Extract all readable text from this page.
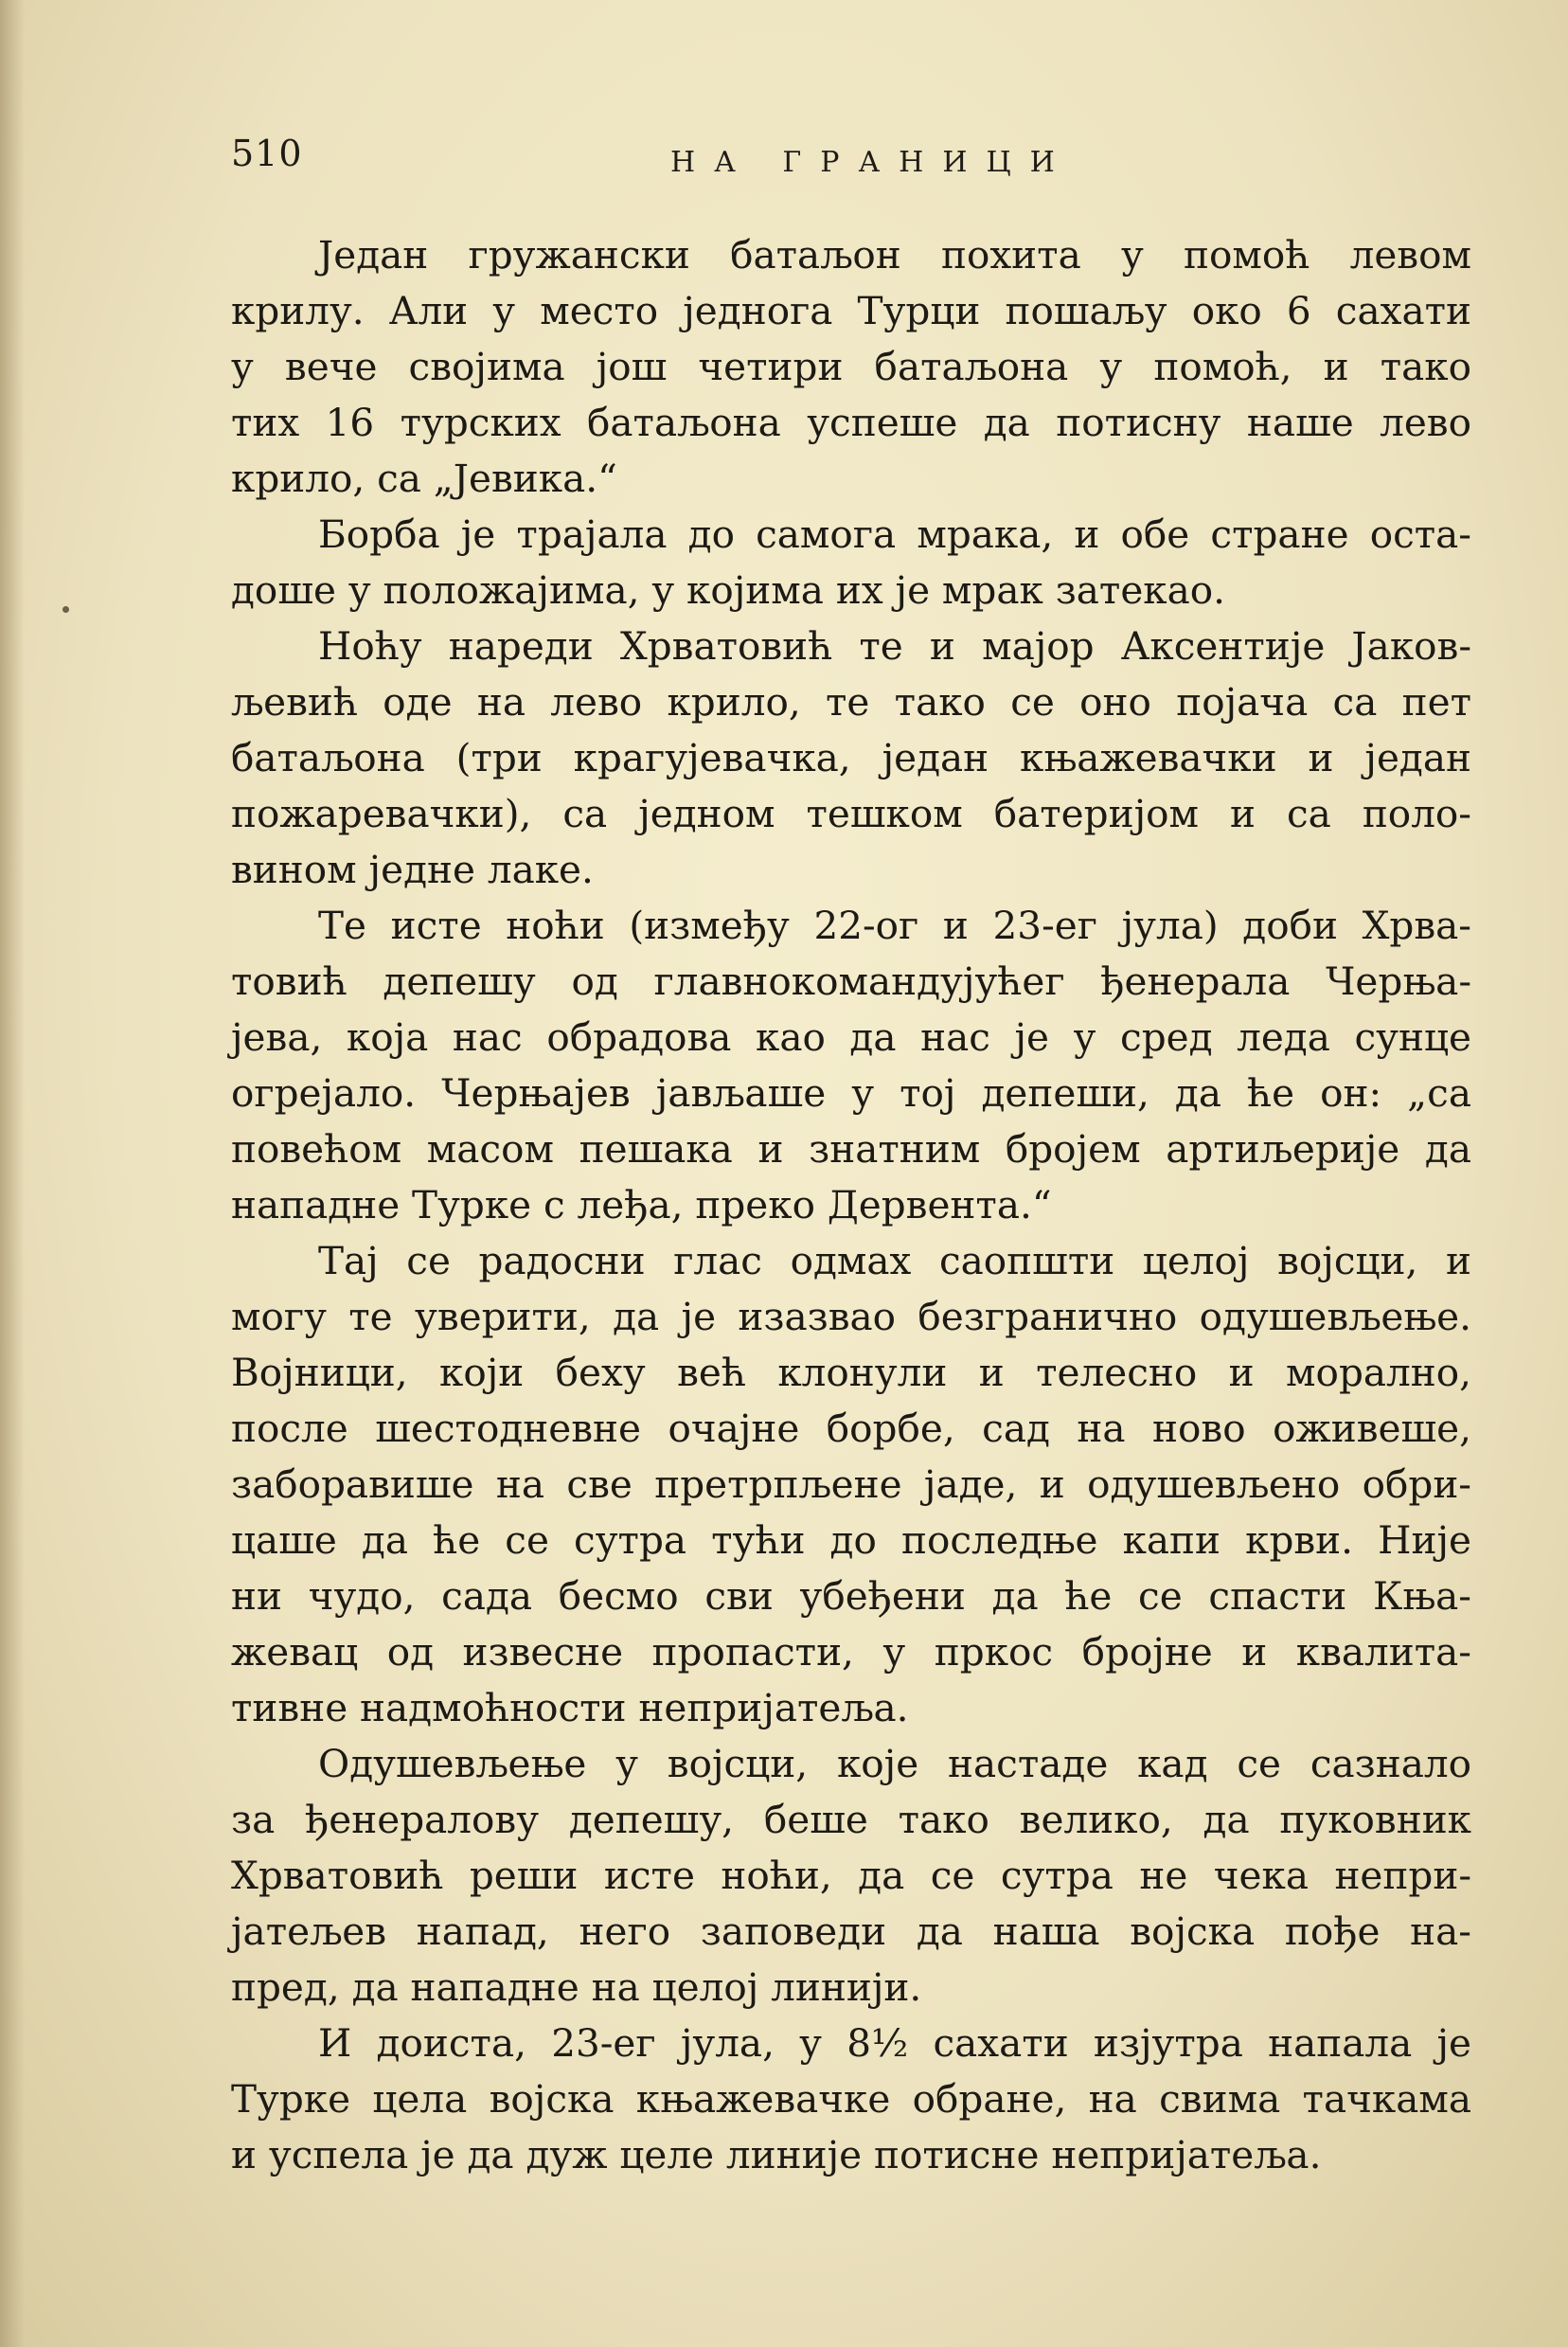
510	НА ГРАНИЦИ

Један гружански батаљон похита у помоћ левом
крилу. Али у место једнога Турци пошаљу око 6 сахати
у вече својима још четири батаљона у помоћ, и тако
тих 16 турских батаљона успеше да потисну наше лево
крило, са „Јевика.“

Борба је трајала до самога мрака, и обе стране оста-
доше у положајима, у којима их је мрак затекао.

Ноћу нареди Хрватовић те и мајор Аксентије Јаков-
љевић оде на лево крило, те тако се оно појача са пет
батаљона (три крагујевачка, један књажевачки и један
пожаревачки), са једном тешком батеријом и са поло-
вином једне лаке.

Те исте ноћи (између 22-ог и 23-ег јула) доби Хрва-
товић депешу од главнокомандујућег ђенерала Черња-
јева, која нас обрадова као да нас је у сред леда сунце
огрејало. Черњајев јављаше у тој депеши, да ће он: „са
повећом масом пешака и знатним бројем артиљерије да
нападне Турке с леђа, преко Дервента.“

Тај се радосни глас одмах саопшти целој војсци, и
могу те уверити, да је изазвао безгранично одушевљење.
Војници, који беху већ клонули и телесно и морално,
после шестодневне очајне борбе, сад на ново оживеше,
заборавише на све претрпљене јаде, и одушевљено обри-
цаше да ће се сутра тући до последње капи крви. Није
ни чудо, сада бесмо сви убеђени да ће се спасти Књa-
жевац од извесне пропасти, у пркос бројне и квалита-
тивне надмоћности непријатеља.

Одушевљење у војсци, које настаде кад се сазнало
за ђенералову депешу, беше тако велико, да пуковник
Хрватовић реши исте ноћи, да се сутра не чека непри-
јатељев напад, него заповеди да наша војска пође на-
пред, да нападне на целој линији.

И доиста, 23-ег јула, у 8½ сахати изјутра напала је
Турке цела војска књажевачке обране, на свима тачкама
и успела је да дуж целе линије потисне непријатеља.
